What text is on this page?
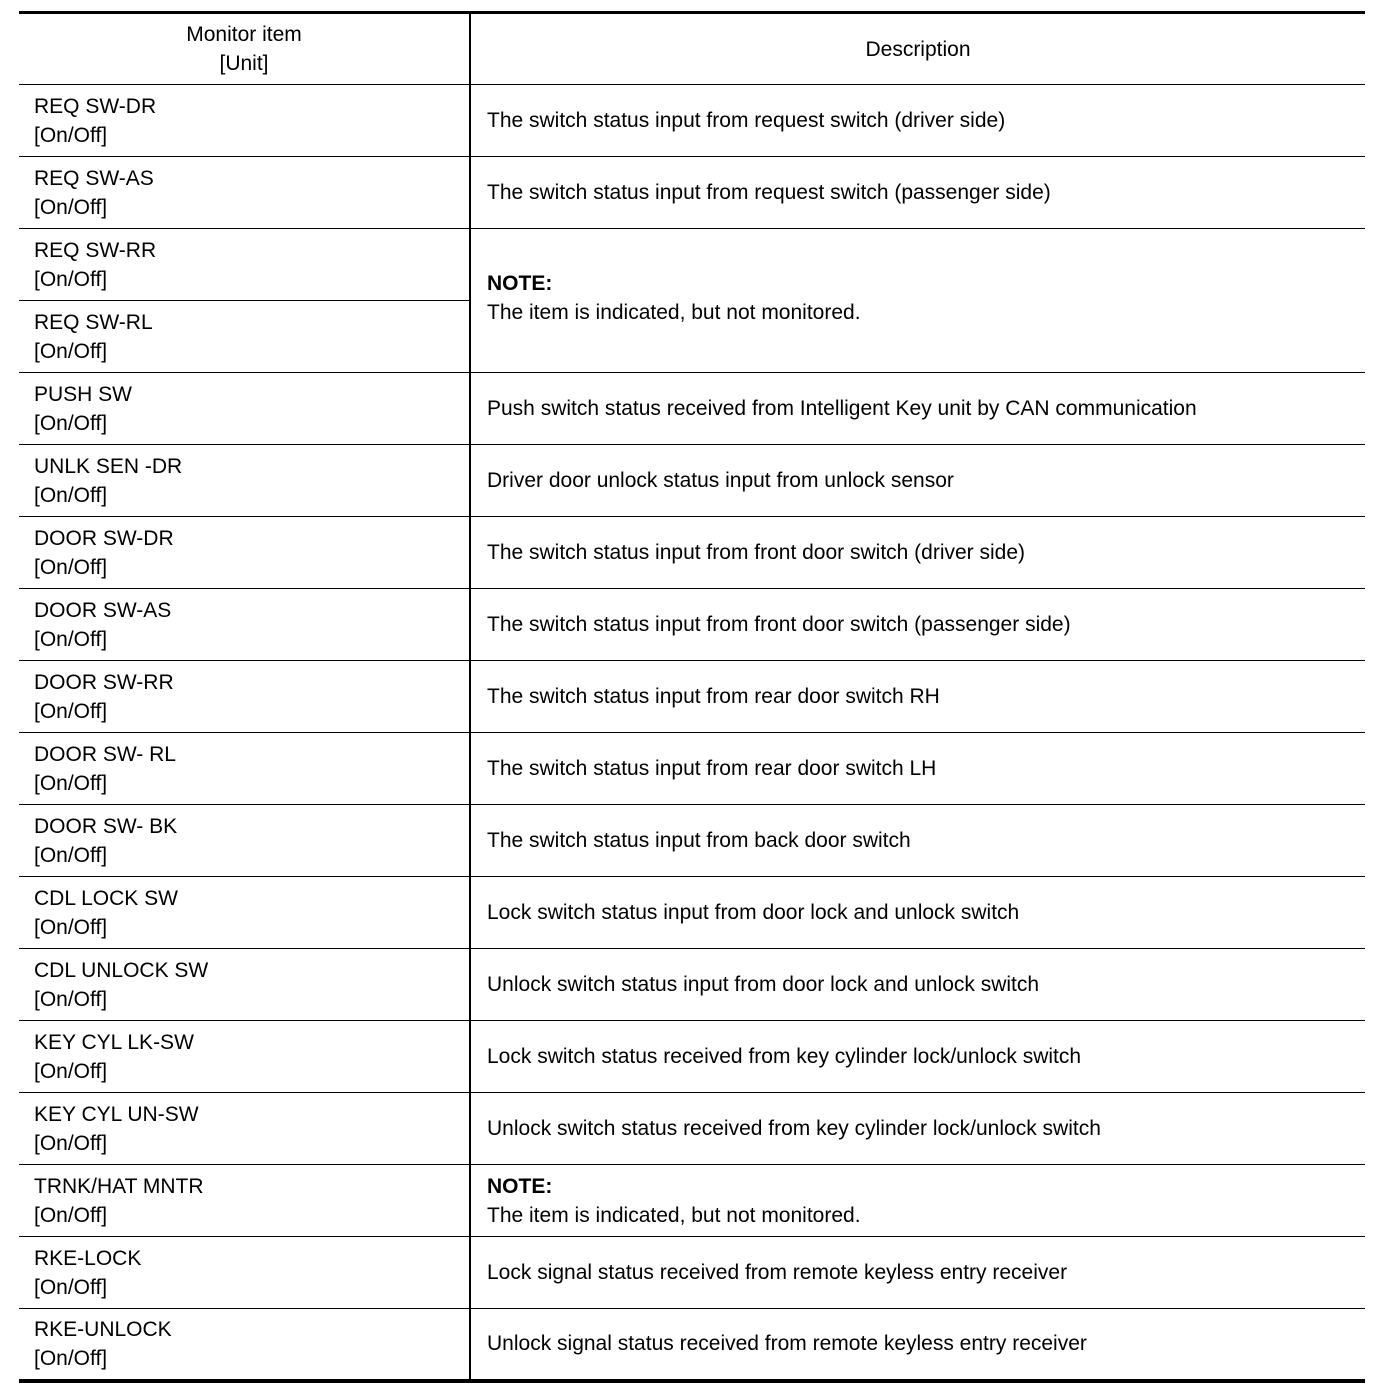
Monitor item
[Unit]	Description

REQ SW-DR
[On/Off]	The switch status input from request switch (driver side)

REQ SW-AS
[On/Off]	The switch status input from request switch (passenger side)

REQ SW-RR
[On/Off]	NOTE:
The item is indicated, but not monitored.

REQ SW-RL
[On/Off]	

PUSH SW
[On/Off]	Push switch status received from Intelligent Key unit by CAN communication

UNLK SEN -DR
[On/Off]	Driver door unlock status input from unlock sensor

DOOR SW-DR
[On/Off]	The switch status input from front door switch (driver side)

DOOR SW-AS
[On/Off]	The switch status input from front door switch (passenger side)

DOOR SW-RR
[On/Off]	The switch status input from rear door switch RH

DOOR SW- RL
[On/Off]	The switch status input from rear door switch LH

DOOR SW- BK
[On/Off]	The switch status input from back door switch

CDL LOCK SW
[On/Off]	Lock switch status input from door lock and unlock switch

CDL UNLOCK SW
[On/Off]	Unlock switch status input from door lock and unlock switch

KEY CYL LK-SW
[On/Off]	Lock switch status received from key cylinder lock/unlock switch

KEY CYL UN-SW
[On/Off]	Unlock switch status received from key cylinder lock/unlock switch

TRNK/HAT MNTR
[On/Off]	NOTE:
The item is indicated, but not monitored.

RKE-LOCK
[On/Off]	Lock signal status received from remote keyless entry receiver

RKE-UNLOCK
[On/Off]	Unlock signal status received from remote keyless entry receiver
